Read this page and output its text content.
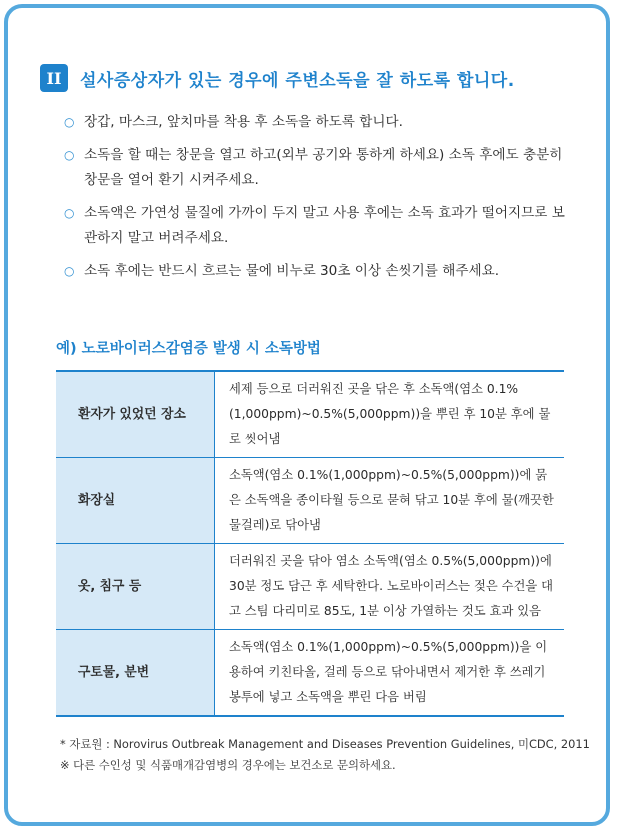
II	설사증상자가 있는 경우에 주변소독을 잘 하도록 합니다.
○ 장갑, 마스크, 앞치마를 착용 후 소독을 하도록 합니다.
○ 소독을 할 때는 창문을 열고 하고(외부 공기와 통하게 하세요) 소독 후에도 충분히 창문을 열어 환기 시켜주세요.
○ 소독액은 가연성 물질에 가까이 두지 말고 사용 후에는 소독 효과가 떨어지므로 보관하지 말고 버려주세요.
○ 소독 후에는 반드시 흐르는 물에 비누로 30초 이상 손씻기를 해주세요.
예) 노로바이러스감염증 발생 시 소독방법
환자가 있었던 장소	세제 등으로 더러워진 곳을 닦은 후 소독액(염소 0.1% (1,000ppm)~0.5%(5,000ppm))을 뿌린 후 10분 후에 물로 씻어냄
화장실	소독액(염소 0.1%(1,000ppm)~0.5%(5,000ppm))에 묽은 소독액을 종이타월 등으로 묻혀 닦고 10분 후에 물(깨끗한 물걸레)로 닦아냄
옷, 침구 등	더러워진 곳을 닦아 염소 소독액(염소 0.5%(5,000ppm))에 30분 정도 담근 후 세탁한다. 노로바이러스는 젖은 수건을 대고 스팀 다리미로 85도, 1분 이상 가열하는 것도 효과 있음
구토물, 분변	소독액(염소 0.1%(1,000ppm)~0.5%(5,000ppm))을 이용하여 키친타올, 걸레 등으로 닦아내면서 제거한 후 쓰레기봉투에 넣고 소독액을 뿌린 다음 버림
* 자료원 : Norovirus Outbreak Management and Diseases Prevention Guidelines, 미CDC, 2011
※ 다른 수인성 및 식품매개감염병의 경우에는 보건소로 문의하세요.
